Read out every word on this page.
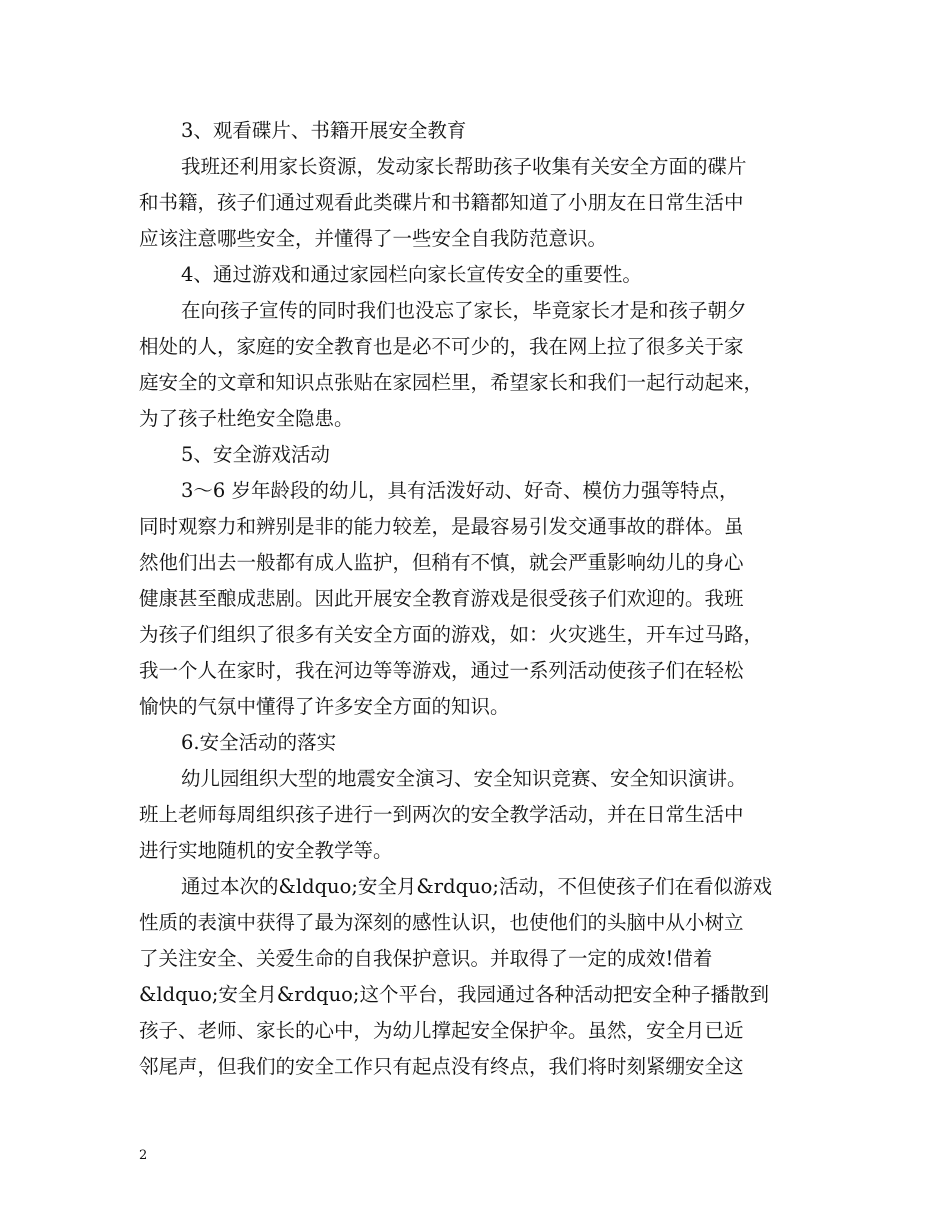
3、观看碟片、书籍开展安全教育
我班还利用家长资源，发动家长帮助孩子收集有关安全方面的碟片
和书籍，孩子们通过观看此类碟片和书籍都知道了小朋友在日常生活中
应该注意哪些安全，并懂得了一些安全自我防范意识。
4、通过游戏和通过家园栏向家长宣传安全的重要性。
在向孩子宣传的同时我们也没忘了家长，毕竟家长才是和孩子朝夕
相处的人，家庭的安全教育也是必不可少的，我在网上拉了很多关于家
庭安全的文章和知识点张贴在家园栏里，希望家长和我们一起行动起来，
为了孩子杜绝安全隐患。
5、安全游戏活动
3～6 岁年龄段的幼儿，具有活泼好动、好奇、模仿力强等特点，
同时观察力和辨别是非的能力较差，是最容易引发交通事故的群体。虽
然他们出去一般都有成人监护，但稍有不慎，就会严重影响幼儿的身心
健康甚至酿成悲剧。因此开展安全教育游戏是很受孩子们欢迎的。我班
为孩子们组织了很多有关安全方面的游戏，如：火灾逃生，开车过马路，
我一个人在家时，我在河边等等游戏，通过一系列活动使孩子们在轻松
愉快的气氛中懂得了许多安全方面的知识。
6.安全活动的落实
幼儿园组织大型的地震安全演习、安全知识竞赛、安全知识演讲。
班上老师每周组织孩子进行一到两次的安全教学活动，并在日常生活中
进行实地随机的安全教学等。
通过本次的&ldquo;安全月&rdquo;活动，不但使孩子们在看似游戏
性质的表演中获得了最为深刻的感性认识，也使他们的头脑中从小树立
了关注安全、关爱生命的自我保护意识。并取得了一定的成效!借着
&ldquo;安全月&rdquo;这个平台，我园通过各种活动把安全种子播散到
孩子、老师、家长的心中，为幼儿撑起安全保护伞。虽然，安全月已近
邻尾声，但我们的安全工作只有起点没有终点，我们将时刻紧绷安全这
2
